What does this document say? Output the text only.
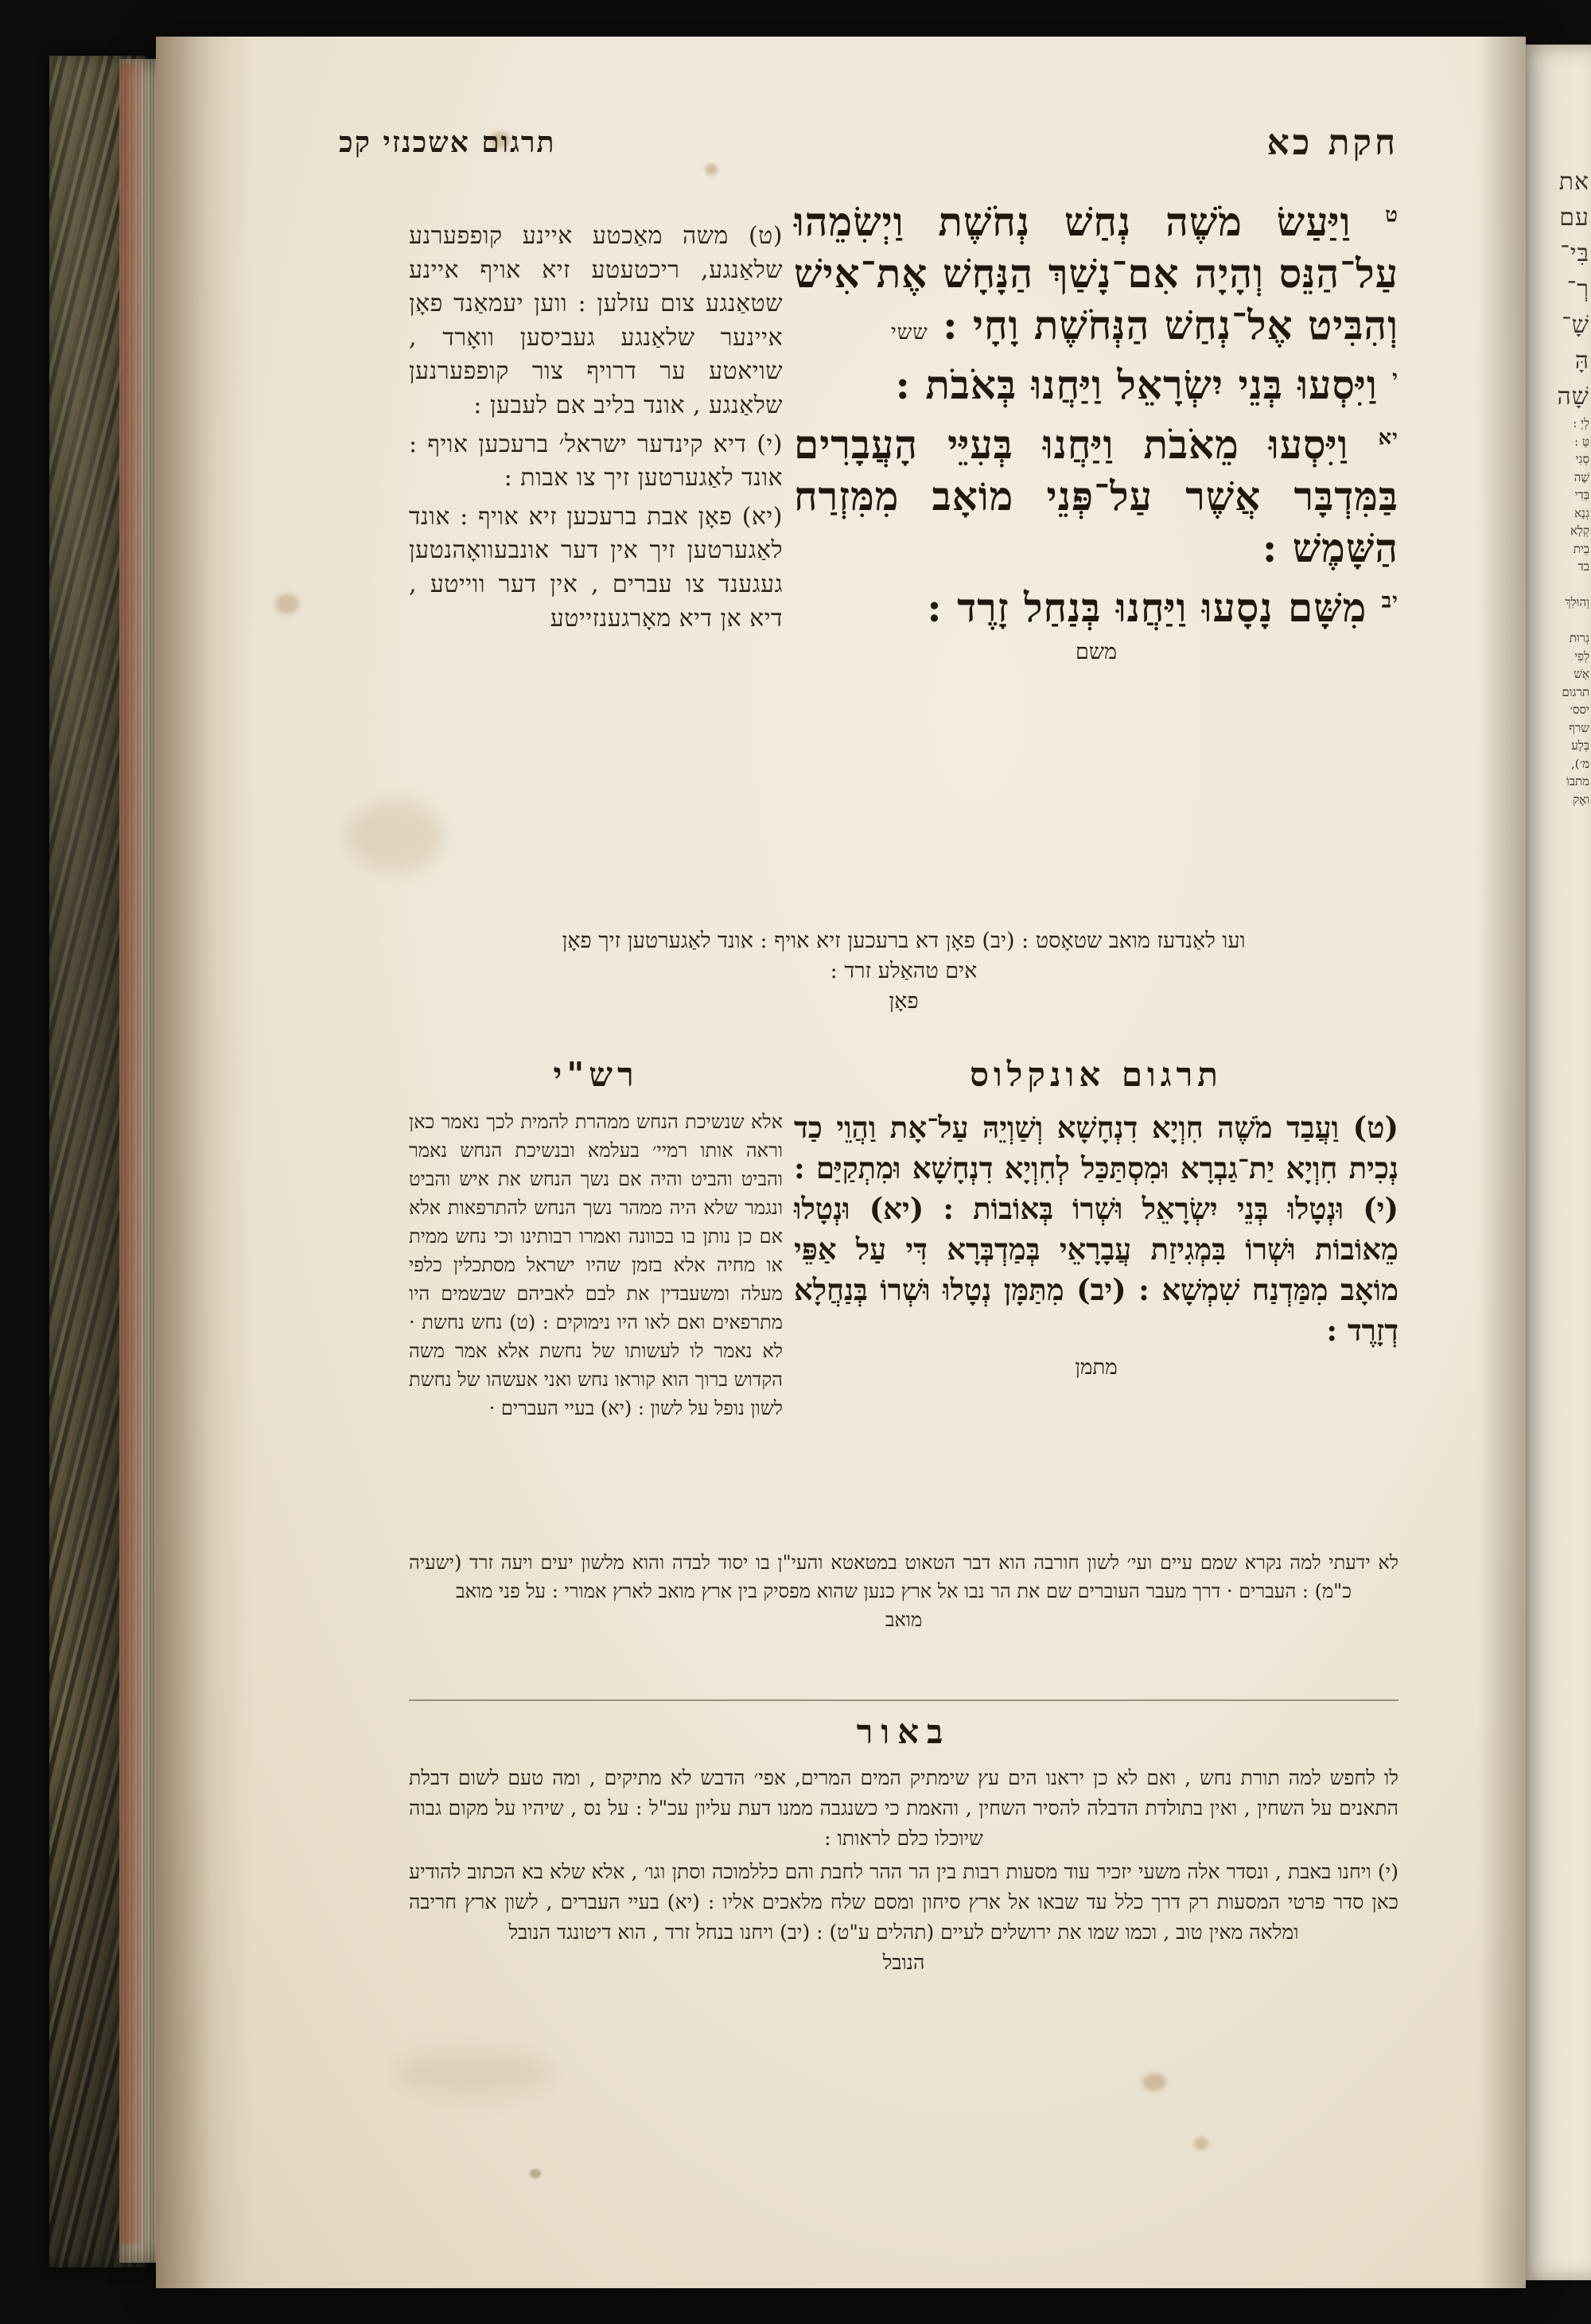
את
עם
בִּי־
רְ־
שָׁ־
הָּ
שָׁה
לְיְ :
טָּ :
סְגִי
שָׁה
בְּדִי
גְנָא
קְלָא
בֵית
בד

וְהוּלִךְ

גְרוּת
לְפִי
אַשׁ
תרגום
יסס׳
שרף
בְּלָע
מ׳),
מתבוֹ
ואֶק
חקת כא
תרגום אשכנזי קכ
$^ט$ וַיַּעַשׂ מֹשֶׁה נְחַשׁ נְחֹשֶׁת וַיְשִׂמֵהוּ עַל־הַנֵּס וְהָיָה אִם־נָשַׁךְ הַנָּחָשׁ אֶת־אִישׁ וְהִבִּיט אֶל־נְחַשׁ הַנְּחֹשֶׁת וָחָי : ששי
$^י$ וַיִּסְעוּ בְּנֵי יִשְׂרָאֵל וַיַּחֲנוּ בְּאֹבֹת :
$^{יא}$ וַיִּסְעוּ מֵאֹבֹת וַיַּחֲנוּ בְּעִיֵּי הָעֲבָרִים בַּמִּדְבָּר אֲשֶׁר עַל־פְּנֵי מוֹאָב מִמִּזְרַח הַשָּׁמֶשׁ :
$^{יב}$ מִשָּׁם נָסָעוּ וַיַּחֲנוּ בְּנַחַל זָרֶד :
משם
(ט) משה מאַכטע איינע קופפערנע שלאַנגע, ריכטעטע זיא אויף איינע שטאַנגע צום עזלען : ווען יעמאַנד פאָן איינער שלאַנגע געביסען וואָרד , שויאטע ער דרויף צור קופפערנען שלאַנגע , אונד בליב אם לעבען :
(י) דיא קינדער ישראל׳ ברעכען אויף : אונד לאַגערטען זיך צו אבות :
(יא) פאָן אבת ברעכען זיא אויף : אונד לאַגערטען זיך אין דער אונבעוואָהנטען געגענד צו עברים , אין דער ווייטע , דיא אן דיא מאָרגענזייטע
ועו לאַנדעז מואב שטאָסט : (יב) פאָן דא ברעכען זיא אויף : אונד לאַגערטען זיך פאָן
אים טהאַלע זרד :
פאָן
תרגום אונקלוס
(ט) וַעֲבַד מֹשֶׁה חִוְיָא דִנְחָשָׁא וְשַׁוְיֵהּ עַל־אָת וַהֲוֵי כַד נְכִית חִוְיָא יַת־גַבְרָא וּמִסְתַּכַּל לְחִוְיָא דִנְחָשָׁא וּמִתְקַיַּם : (י) וּנְטָלוּ בְּנֵי יִשְׂרָאֵל וּשְׁרוֹ בְּאוֹבוֹת : (יא) וּנְטָלוּ מֵאוֹבוֹת וּשְׁרוֹ בִּמְגִיזַת עֲבָרָאֵי בְּמַדְבְּרָא דִּי עַל אַפֵּי מוֹאָב מִמַּדְנַח שִׁמְשָׁא : (יב) מִתַּמָּן נְטָלוּ וּשְׁרוֹ בְּנַחֲלָא דְזָרֶד :
מתמן
רש"י
אלא שנשיכת הנחש ממהרת להמית לכך נאמר כאן וראה אותו רמיי׳ בעלמא ובנשיכת הנחש נאמר והביט והביט והיה אם נשך הנחש את איש והביט ונגמר שלא היה ממהר נשך הנחש להתרפאות אלא אם כן נותן בו בכוונה ואמרו רבותינו וכי נחש ממית או מחיה אלא בזמן שהיו ישראל מסתכלין כלפי מעלה ומשעבדין את לבם לאביהם שבשמים היו מתרפאים ואם לאו היו נימוקים : (ט) נחש נחשת · לא נאמר לו לעשותו של נחשת אלא אמר משה הקדוש ברוך הוא קוראו נחש ואני אעשהו של נחשת לשון נופל על לשון : (יא) בעיי העברים ·
לא ידעתי למה נקרא שמם עיים ועי׳ לשון חורבה הוא דבר הטאוט במטאטא והעי"ן בו יסוד לבדה והוא מלשון יעים ויעה זרד (ישעיה כ"מ) : העברים · דרך מעבר העוברים שם את הר נבו אל ארץ כנען שהוא מפסיק בין ארץ מואב לארץ אמורי : על פני מואב
מואב
באור
לו לחפש למה תורת נחש , ואם לא כן יראנו הים עץ שימתיק המים המרים, אפי׳ הדבש לא מתיקים , ומה טעם לשום דבלת התאנים על השחין , ואין בתולדת הדבלה להסיר השחין , והאמת כי כשנגבה ממנו דעת עליון עכ"ל : על נס , שיהיו על מקום גבוה שיוכלו כלם לראותו :
(י) ויחנו באבת , ונסדר אלה משעי יזכיר עוד מסעות רבות בין הר ההר לחבת והם כללמוכה וסתן וגו׳ , אלא שלא בא הכתוב להודיע כאן סדר פרטי המסעות רק דרך כלל עד שבאו אל ארץ סיחון ומסם שלח מלאכים אליו : (יא) בעיי העברים , לשון ארץ חריבה ומלאה מאין טוב , וכמו שמו את ירושלים לעיים (תהלים ע"ט) : (יב) ויחנו בנחל זרד , הוא דיטונגד הנובל
הנובל
